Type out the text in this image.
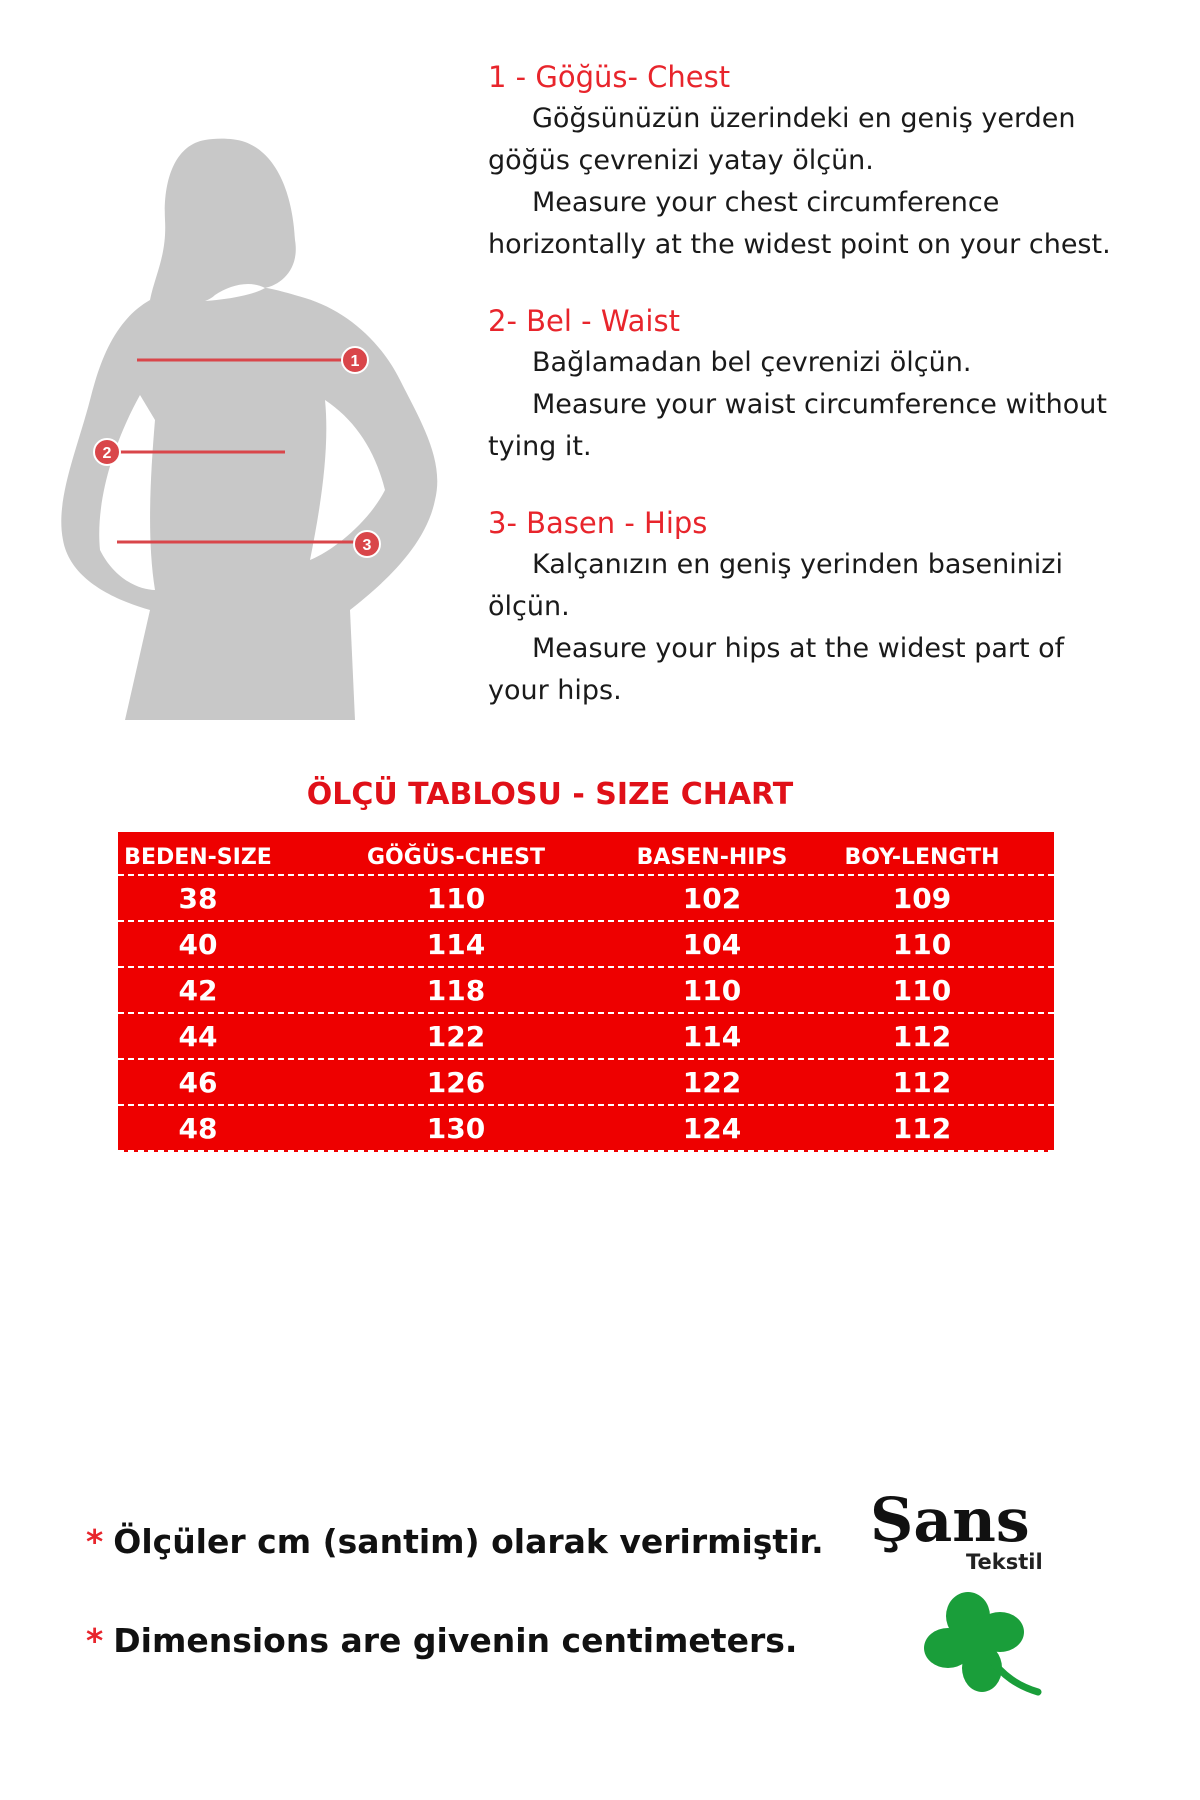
1
2
3
1 - Göğüs- Chest
Göğsünüzün üzerindeki en geniş yerden
göğüs çevrenizi yatay ölçün.
Measure your chest circumference
horizontally at the widest point on your chest.
2- Bel - Waist
Bağlamadan bel çevrenizi ölçün.
Measure your waist circumference without
tying it.
3- Basen - Hips
Kalçanızın en geniş yerinden baseninizi
ölçün.
Measure your hips at the widest part of
your hips.
ÖLÇÜ TABLOSU - SIZE CHART
BEDEN-SIZE	GÖĞÜS-CHEST	BASEN-HIPS	BOY-LENGTH
38	110	102	109
40	114	104	110
42	118	110	110
44	122	114	112
46	126	122	112
48	130	124	112
* Ölçüler cm (santim) olarak verirmiştir.
* Dimensions are givenin centimeters.
Şans
Tekstil
